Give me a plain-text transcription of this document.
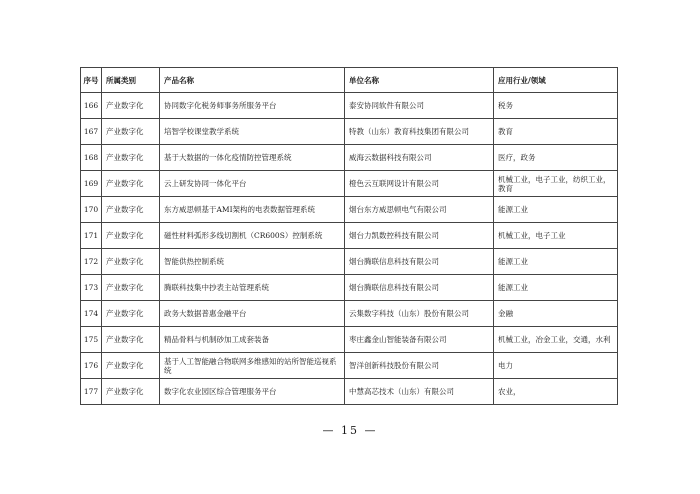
序号	所属类别	产品名称	单位名称	应用行业/领域
166	产业数字化	协同数字化税务师事务所服务平台	泰安协同软件有限公司	税务
167	产业数字化	培智学校课堂教学系统	特教（山东）教育科技集团有限公司	教育
168	产业数字化	基于大数据的一体化疫情防控管理系统	威海云数据科技有限公司	医疗，政务
169	产业数字化	云上研发协同一体化平台	橙色云互联网设计有限公司	机械工业，电子工业，纺织工业，教育
170	产业数字化	东方威思顿基于AMI架构的电表数据管理系统	烟台东方威思顿电气有限公司	能源工业
171	产业数字化	磁性材料弧形多线切割机（CR600S）控制系统	烟台力凯数控科技有限公司	机械工业，电子工业
172	产业数字化	智能供热控制系统	烟台腾联信息科技有限公司	能源工业
173	产业数字化	腾联科技集中抄表主站管理系统	烟台腾联信息科技有限公司	能源工业
174	产业数字化	政务大数据普惠金融平台	云集数字科技（山东）股份有限公司	金融
175	产业数字化	精品骨料与机制砂加工成套装备	枣庄鑫金山智能装备有限公司	机械工业，冶金工业，交通，水利
176	产业数字化	基于人工智能融合物联网多维感知的站所智能巡视系统	智洋创新科技股份有限公司	电力
177	产业数字化	数字化农业园区综合管理服务平台	中慧高芯技术（山东）有限公司	农业，
— 15 —
